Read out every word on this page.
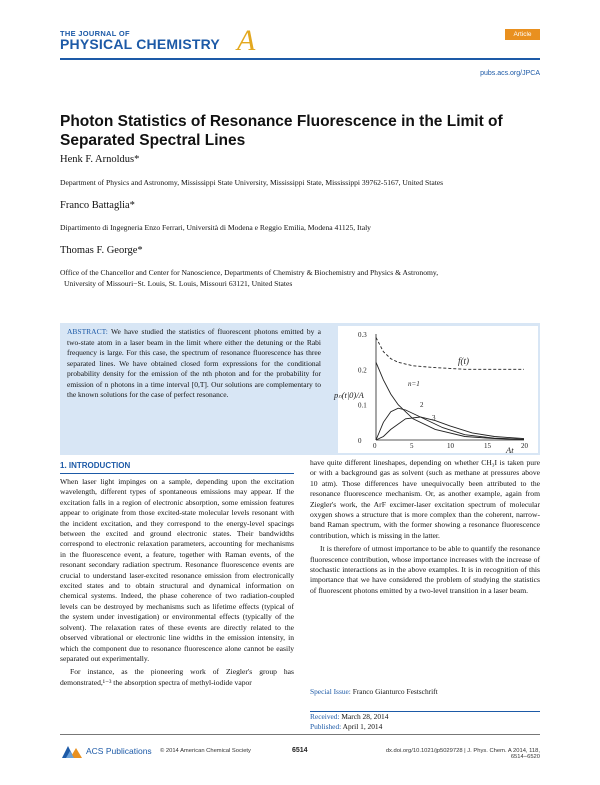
THE JOURNAL OF
PHYSICAL CHEMISTRY A	Article
pubs.acs.org/JPCA
Photon Statistics of Resonance Fluorescence in the Limit of Separated Spectral Lines
Henk F. Arnoldus*
Department of Physics and Astronomy, Mississippi State University, Mississippi State, Mississippi 39762-5167, United States
Franco Battaglia*
Dipartimento di Ingegneria Enzo Ferrari, Università di Modena e Reggio Emilia, Modena 41125, Italy
Thomas F. George*
Office of the Chancellor and Center for Nanoscience, Departments of Chemistry & Biochemistry and Physics & Astronomy,
University of Missouri−St. Louis, St. Louis, Missouri 63121, United States
ABSTRACT: We have studied the statistics of fluorescent photons emitted by a two-state atom in a laser beam in the limit where either the detuning or the Rabi frequency is large. For this case, the spectrum of resonance fluorescence has three separated lines. We have obtained closed form expressions for the conditional probability density for the emission of the nth photon and for the probability for emission of n photons in a time interval [0,T]. Our solutions are complementary to the known solutions for the case of perfect resonance.
0.3
0.2
0.1
0
0	5	10	15	20
pₙ(t|0)/A
At
f(t)
n=1
2
3
1. INTRODUCTION

When laser light impinges on a sample, depending upon the excitation wavelength, different types of spontaneous emissions may appear. If the excitation falls in a region of electronic absorption, some emission features appear to originate from those excited-state molecular levels resonant with the incident excitation, and they correspond to the energy-level spacings between the excited and ground electronic states. Their bandwidths correspond to electronic relaxation parameters, accounting for mechanisms in the fluorescence event, a feature, together with Raman events, of the resonant secondary radiation spectrum. Resonance fluorescence events are crucial to understand laser-excited resonance emission from electronically excited states and to obtain structural and dynamical information on chemical systems. Indeed, the phase coherence of two radiation-coupled levels can be destroyed by mechanisms such as lifetime effects (typical of the system under investigation) or environmental effects (typically of the solvent). The relaxation rates of these events are directly related to the observed vibrational or electronic line widths in the emission intensity, in which the component due to resonance fluorescence alone cannot be easily separated out experimentally.

For instance, as the pioneering work of Ziegler's group has demonstrated,¹⁻³ the absorption spectra of methyl-iodide vapor

have quite different lineshapes, depending on whether CH₃I is taken pure or with a background gas as solvent (such as methane at pressures above 10 atm). Those differences have unequivocally been attributed to the resonance fluorescence mechanism. Or, as another example, again from Ziegler's work, the ArF excimer-laser excitation spectrum of molecular oxygen shows a structure that is more complex than the coherent, narrow-band Raman spectrum, with the former showing a resonance fluorescence contribution, which is missing in the latter.

It is therefore of utmost importance to be able to quantify the resonance fluorescence contribution, whose importance increases with the increase of stochastic interactions as in the above examples. It is in recognition of this importance that we have considered the problem of studying the statistics of fluorescent photons emitted by a two-level transition in a laser beam.

Special Issue: Franco Gianturco Festschrift
Received: March 28, 2014
Published: April 1, 2014
ACS Publications © 2014 American Chemical Society	6514	dx.doi.org/10.1021/jp5029728 | J. Phys. Chem. A 2014, 118, 6514−6520
